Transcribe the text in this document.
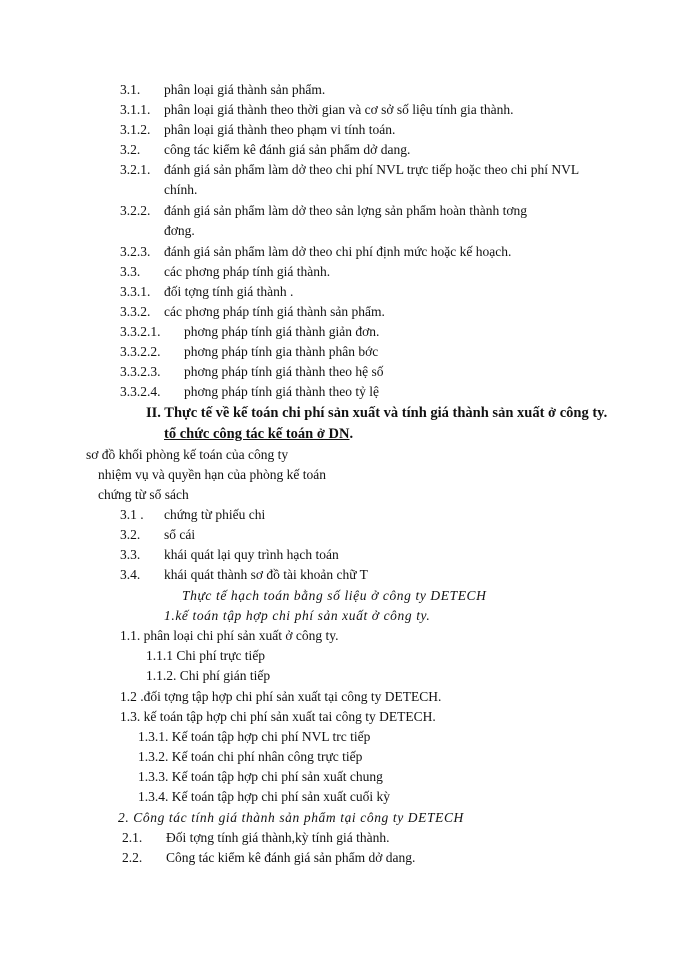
3.1. phân loại giá thành sản phẩm.
3.1.1. phân loại giá thành theo thời gian và cơ sở số liệu tính gia thành.
3.1.2. phân loại giá thành theo phạm vi tính toán.
3.2. công tác kiểm kê đánh giá sản phẩm dở dang.
3.2.1. đánh giá sản phẩm làm dở theo chi phí NVL trực tiếp hoặc theo chi phí NVL
chính.
3.2.2. đánh giá sản phẩm làm dở theo sản lợng sản phẩm hoàn thành tơng
đơng.
3.2.3. đánh giá sản phẩm làm dở theo chi phí định mức hoặc kế hoạch.
3.3. các phơng pháp tính giá thành.
3.3.1. đối tợng tính giá thành .
3.3.2. các phơng pháp tính giá thành sản phẩm.
3.3.2.1. phơng pháp tính giá thành giản đơn.
3.3.2.2. phơng pháp tính gia thành phân bớc
3.3.2.3. phơng pháp tính giá thành theo hệ số
3.3.2.4. phơng pháp tính giá thành theo tỷ lệ
II. Thực tế về kế toán chi phí sản xuất và tính giá thành sản xuất ở công ty.
tổ chức công tác kế toán ở DN.
sơ đồ khối phòng kế toán của công ty
nhiệm vụ và quyền hạn của phòng kế toán
chứng từ sổ sách
3.1 . chứng từ phiếu chi
3.2. sổ cái
3.3. khái quát lại quy trình hạch toán
3.4. khái quát thành sơ đồ tài khoản chữ T
Thực tế hạch toán bằng số liệu ở công ty DETECH
1.kế toán tập hợp chi phí sản xuất ở công ty.
1.1. phân loại chi phí sản xuất ở công ty.
1.1.1 Chi phí trực tiếp
1.1.2. Chi phí gián tiếp
1.2 .đối tợng tập hợp chi phí sản xuất tại công ty DETECH.
1.3. kế toán tập hợp chi phí sản xuất tai công ty DETECH.
1.3.1. Kế toán tập hợp chi phí NVL trc tiếp
1.3.2. Kế toán chi phí nhân công trực tiếp
1.3.3. Kế toán tập hợp chi phí sản xuất chung
1.3.4. Kế toán tập hợp chi phí sản xuất cuối kỳ
2. Công tác tính giá thành sản phẩm tại công ty DETECH
2.1. Đối tợng tính giá thành,kỳ tính giá thành.
2.2. Công tác kiểm kê đánh giá sản phẩm dở dang.
